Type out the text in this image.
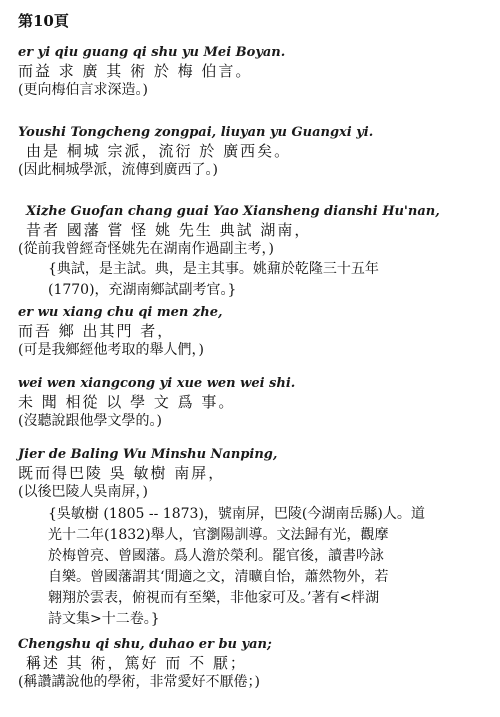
第10頁
er yi qiu guang qi shu yu Mei Boyan.
而益 求 廣 其 術 於 梅 伯言。
(更向梅伯言求深造。)
Youshi Tongcheng zongpai, liuyan yu Guangxi yi.
由是 桐城 宗派，流衍 於 廣西矣。
(因此桐城學派，流傳到廣西了。)
Xizhe Guofan chang guai Yao Xiansheng dianshi Hu'nan,
昔者 國藩 嘗 怪 姚 先生 典試 湖南，
(從前我曾經奇怪姚先在湖南作過副主考，)
{典試，是主試。典，是主其事。姚鼐於乾隆三十五年
(1770)，充湖南鄉試副考官。}
er wu xiang chu qi men zhe,
而吾 鄉 出其門 者，
(可是我鄉經他考取的舉人們，)
wei wen xiangcong yi xue wen wei shi.
未 聞 相從 以 學 文 爲 事。
(沒聽說跟他學文學的。)
Jier de Baling Wu Minshu Nanping,
既而得巴陵 吳 敏樹 南屏，
(以後巴陵人吳南屏，)
{吳敏樹 (1805 -- 1873)，號南屏，巴陵(今湖南岳縣)人。道
光十二年(1832)舉人，官瀏陽訓導。文法歸有光，觀摩
於梅曾亮、曾國藩。爲人澹於榮利。罷官後，讀書吟詠
自樂。曾國藩謂其‘閒適之文，清曠自怡，蕭然物外，若
翱翔於雲表，俯視而有至樂，非他家可及。’著有<柈湖
詩文集>十二卷。}
Chengshu qi shu, duhao er bu yan;
稱述 其 術，篤好 而 不 厭；
(稱讚講說他的學術，非常愛好不厭倦；)
